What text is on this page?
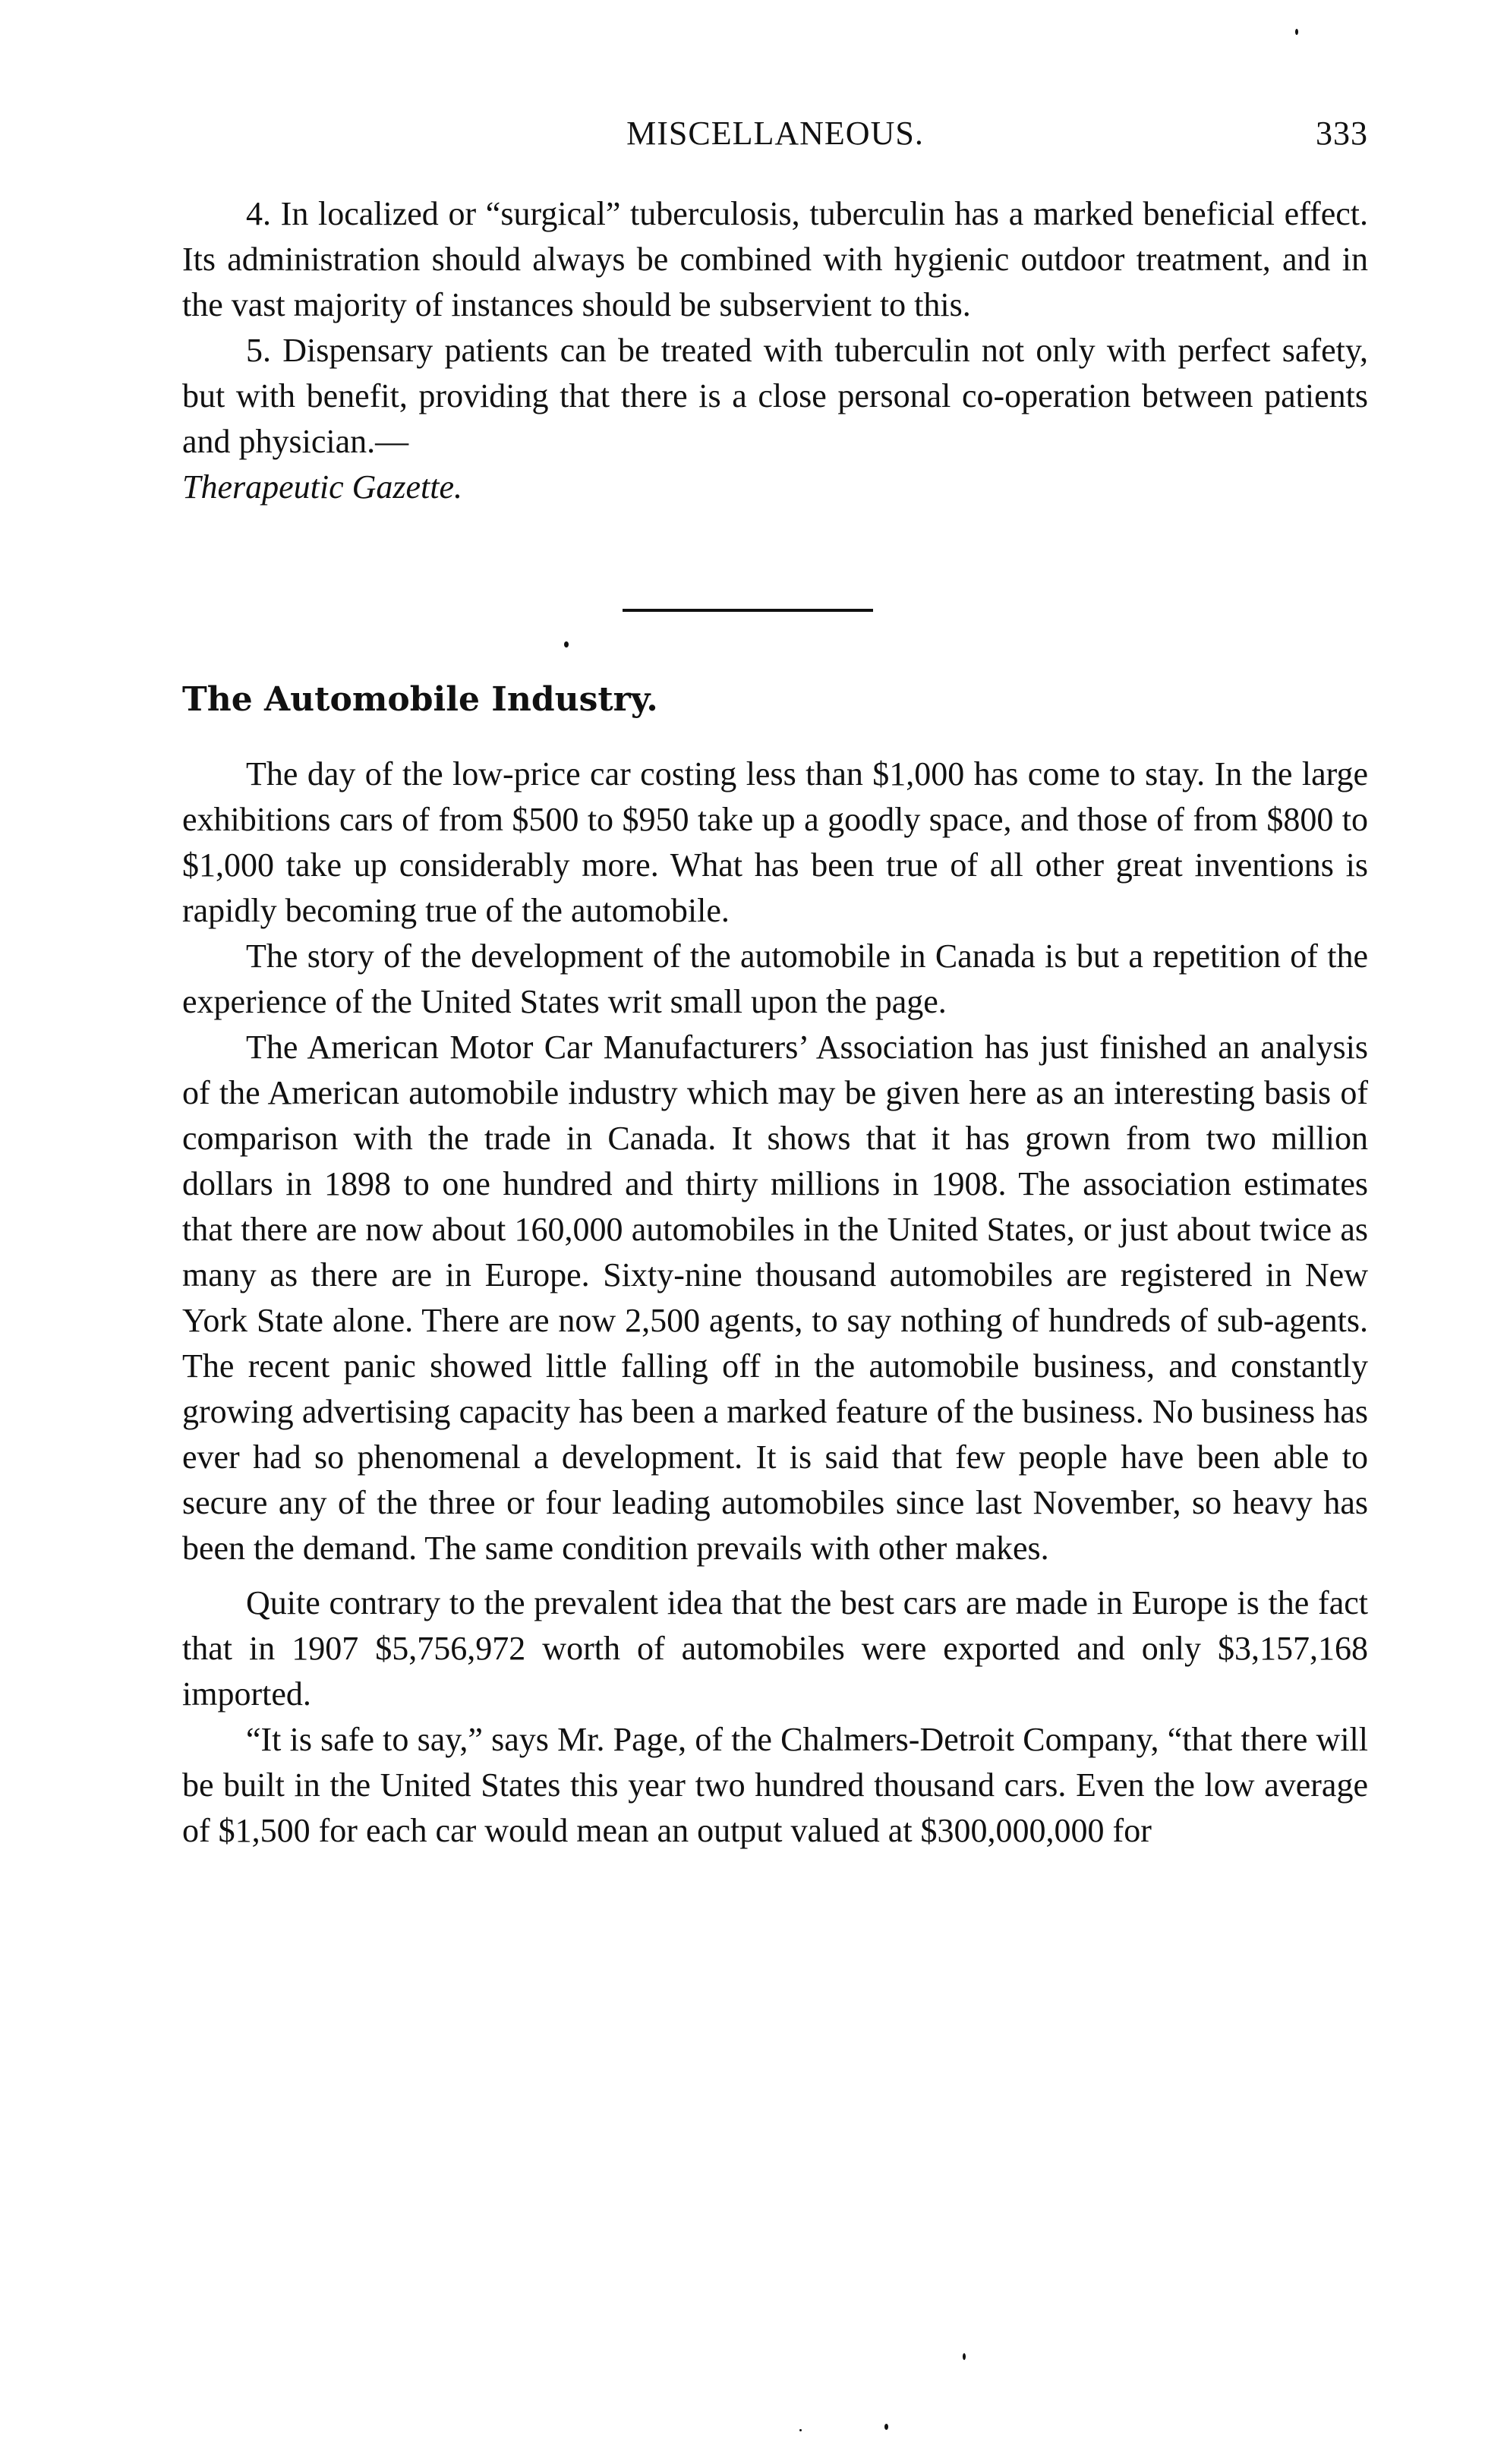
MISCELLANEOUS.	333

4. In localized or “surgical” tuberculosis, tuberculin has a marked beneficial effect. Its administration should always be combined with hygienic outdoor treatment, and in the vast majority of instances should be subservient to this.

5. Dispensary patients can be treated with tuberculin not only with perfect safety, but with benefit, providing that there is a close personal co-operation between patients and physician.—

Therapeutic Gazette.

The Automobile Industry.

The day of the low-price car costing less than $1,000 has come to stay. In the large exhibitions cars of from $500 to $950 take up a goodly space, and those of from $800 to $1,000 take up considerably more. What has been true of all other great inventions is rapidly becoming true of the automobile.

The story of the development of the automobile in Canada is but a repetition of the experience of the United States writ small upon the page.

The American Motor Car Manufacturers’ Association has just finished an analysis of the American automobile industry which may be given here as an interesting basis of comparison with the trade in Canada. It shows that it has grown from two million dollars in 1898 to one hundred and thirty millions in 1908. The association estimates that there are now about 160,000 automobiles in the United States, or just about twice as many as there are in Europe. Sixty-nine thousand automobiles are registered in New York State alone. There are now 2,500 agents, to say nothing of hundreds of sub-agents. The recent panic showed little falling off in the automobile business, and constantly growing advertising capacity has been a marked feature of the business. No business has ever had so phenomenal a development. It is said that few people have been able to secure any of the three or four leading automobiles since last November, so heavy has been the demand. The same condition prevails with other makes.

Quite contrary to the prevalent idea that the best cars are made in Europe is the fact that in 1907 $5,756,972 worth of automobiles were exported and only $3,157,168 imported.

“It is safe to say,” says Mr. Page, of the Chalmers-Detroit Company, “that there will be built in the United States this year two hundred thousand cars. Even the low average of $1,500 for each car would mean an output valued at $300,000,000 for
